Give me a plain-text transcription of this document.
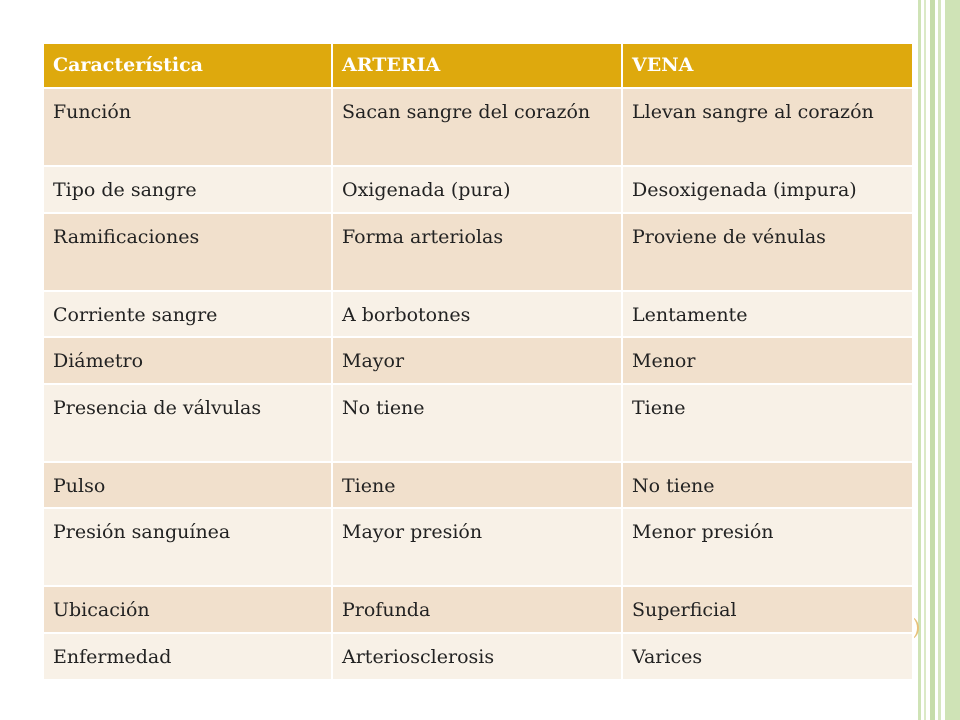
Característica	ARTERIA	VENA
Función	Sacan sangre del corazón	Llevan sangre al corazón
Tipo de sangre	Oxigenada (pura)	Desoxigenada (impura)
Ramificaciones	Forma arteriolas	Proviene de vénulas
Corriente sangre	A borbotones	Lentamente
Diámetro	Mayor	Menor
Presencia de válvulas	No tiene	Tiene
Pulso	Tiene	No tiene
Presión sanguínea	Mayor presión	Menor presión
Ubicación	Profunda	Superficial
Enfermedad	Arteriosclerosis	Varices
